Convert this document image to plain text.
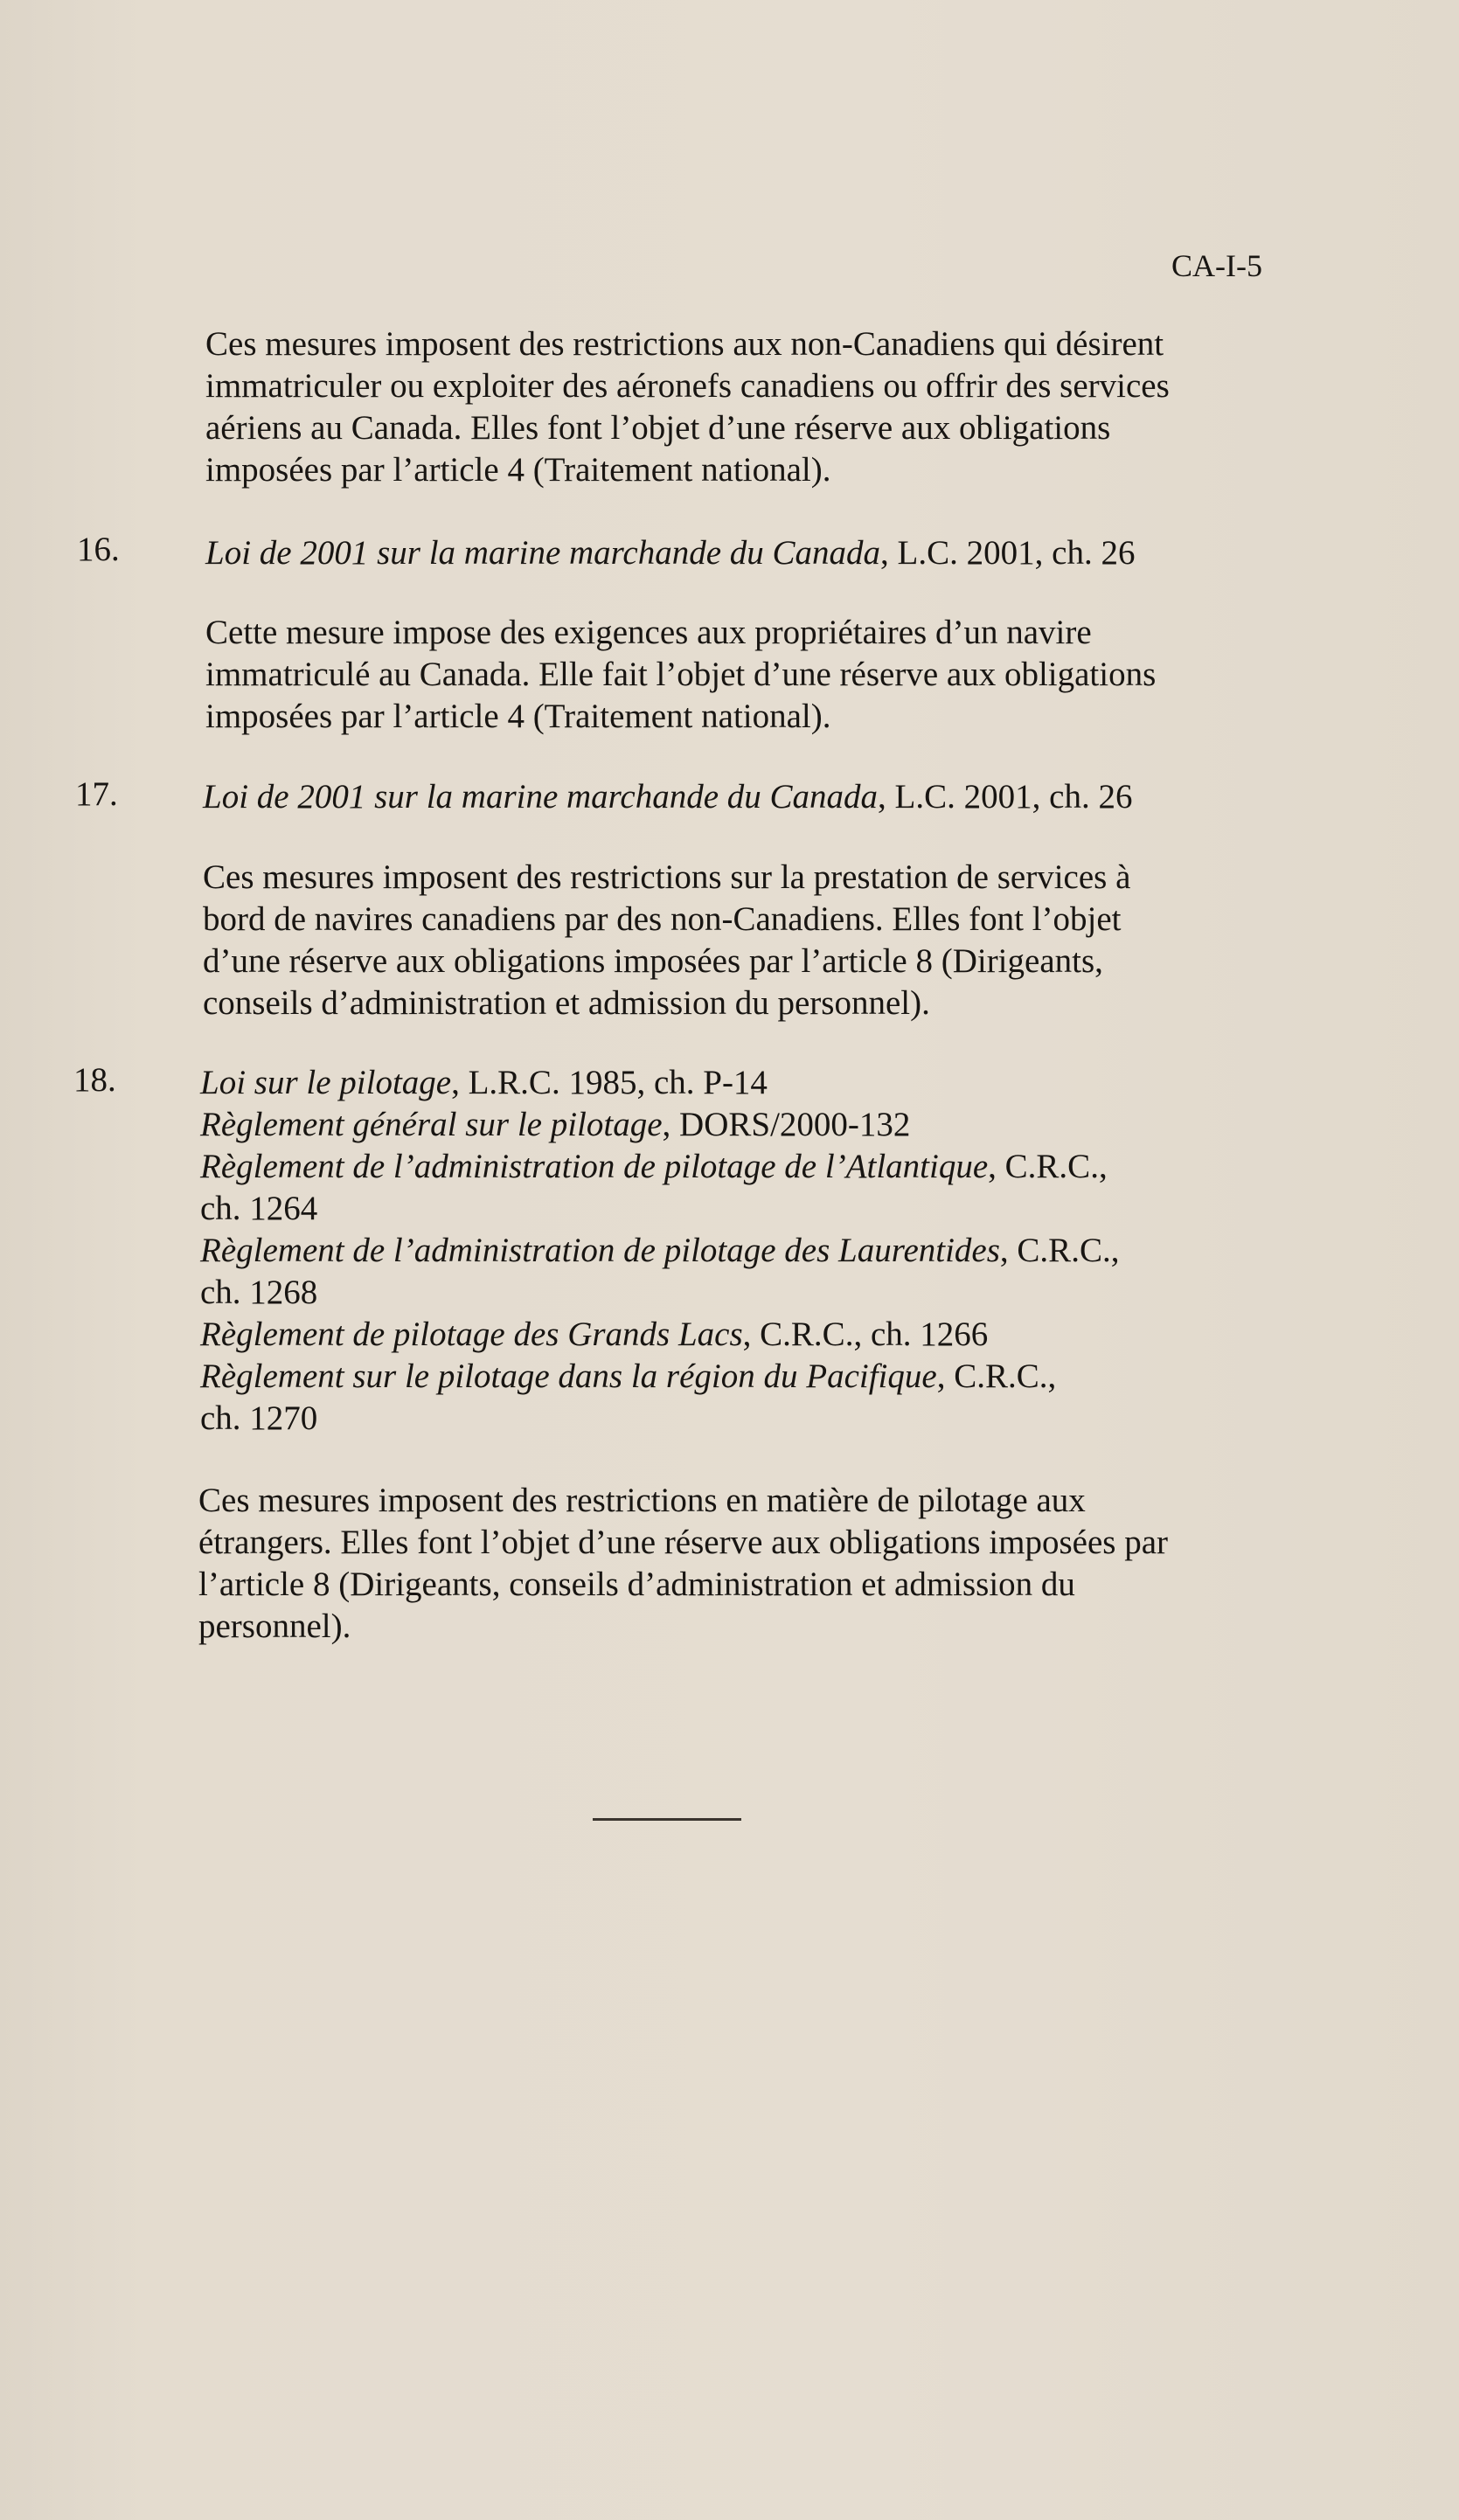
CA-I-5

Ces mesures imposent des restrictions aux non-Canadiens qui désirent
immatriculer ou exploiter des aéronefs canadiens ou offrir des services
aériens au Canada. Elles font l’objet d’une réserve aux obligations
imposées par l’article 4 (Traitement national).

16.	Loi de 2001 sur la marine marchande du Canada, L.C. 2001, ch. 26
Cette mesure impose des exigences aux propriétaires d’un navire
immatriculé au Canada. Elle fait l’objet d’une réserve aux obligations
imposées par l’article 4 (Traitement national).

17. Loi de 2001 sur la marine marchande du Canada, L.C. 2001, ch. 26
Ces mesures imposent des restrictions sur la prestation de services à
bord de navires canadiens par des non-Canadiens. Elles font l’objet
d’une réserve aux obligations imposées par l’article 8 (Dirigeants,
conseils d’administration et admission du personnel).

18. Loi sur le pilotage, L.R.C. 1985, ch. P-14
Règlement général sur le pilotage, DORS/2000-132
Règlement de l’administration de pilotage de l’Atlantique, C.R.C.,
ch. 1264
Règlement de l’administration de pilotage des Laurentides, C.R.C.,
ch. 1268
Règlement de pilotage des Grands Lacs, C.R.C., ch. 1266
Règlement sur le pilotage dans la région du Pacifique, C.R.C.,
ch. 1270
Ces mesures imposent des restrictions en matière de pilotage aux
étrangers. Elles font l’objet d’une réserve aux obligations imposées par
l’article 8 (Dirigeants, conseils d’administration et admission du
personnel).
